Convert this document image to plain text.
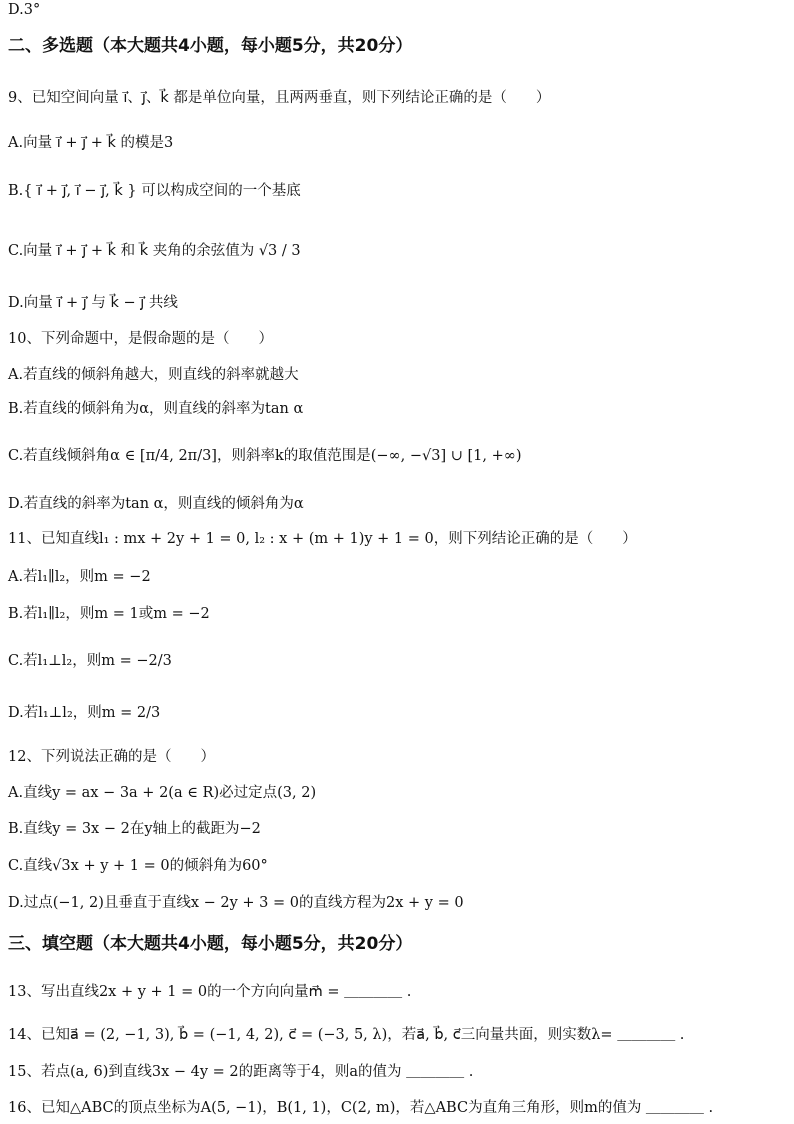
D.3°
二、多选题（本大题共4小题，每小题5分，共20分）
9、已知空间向量 i⃗、j⃗、k⃗ 都是单位向量，且两两垂直，则下列结论正确的是（　　）
A.向量 i⃗ + j⃗ + k⃗ 的模是3
B.{ i⃗ + j⃗, i⃗ − j⃗, k⃗ } 可以构成空间的一个基底
C.向量 i⃗ + j⃗ + k⃗ 和 k⃗ 夹角的余弦值为 √3 / 3
D.向量 i⃗ + j⃗ 与 k⃗ − j⃗ 共线
10、下列命题中，是假命题的是（　　）
A.若直线的倾斜角越大，则直线的斜率就越大
B.若直线的倾斜角为α，则直线的斜率为tan α
C.若直线倾斜角α ∈ [π/4, 2π/3]，则斜率k的取值范围是(−∞, −√3] ∪ [1, +∞)
D.若直线的斜率为tan α，则直线的倾斜角为α
11、已知直线l₁ : mx + 2y + 1 = 0, l₂ : x + (m + 1)y + 1 = 0，则下列结论正确的是（　　）
A.若l₁∥l₂，则m = −2
B.若l₁∥l₂，则m = 1或m = −2
C.若l₁⊥l₂，则m = −2/3
D.若l₁⊥l₂，则m = 2/3
12、下列说法正确的是（　　）
A.直线y = ax − 3a + 2(a ∈ R)必过定点(3, 2)
B.直线y = 3x − 2在y轴上的截距为−2
C.直线√3x + y + 1 = 0的倾斜角为60°
D.过点(−1, 2)且垂直于直线x − 2y + 3 = 0的直线方程为2x + y = 0
三、填空题（本大题共4小题，每小题5分，共20分）
13、写出直线2x + y + 1 = 0的一个方向向量m⃗ = ＿＿＿＿ .
14、已知a⃗ = (2, −1, 3), b⃗ = (−1, 4, 2), c⃗ = (−3, 5, λ)，若a⃗, b⃗, c⃗三向量共面，则实数λ= ＿＿＿＿ .
15、若点(a, 6)到直线3x − 4y = 2的距离等于4，则a的值为 ＿＿＿＿ .
16、已知△ABC的顶点坐标为A(5, −1)，B(1, 1)，C(2, m)，若△ABC为直角三角形，则m的值为 ＿＿＿＿ .
